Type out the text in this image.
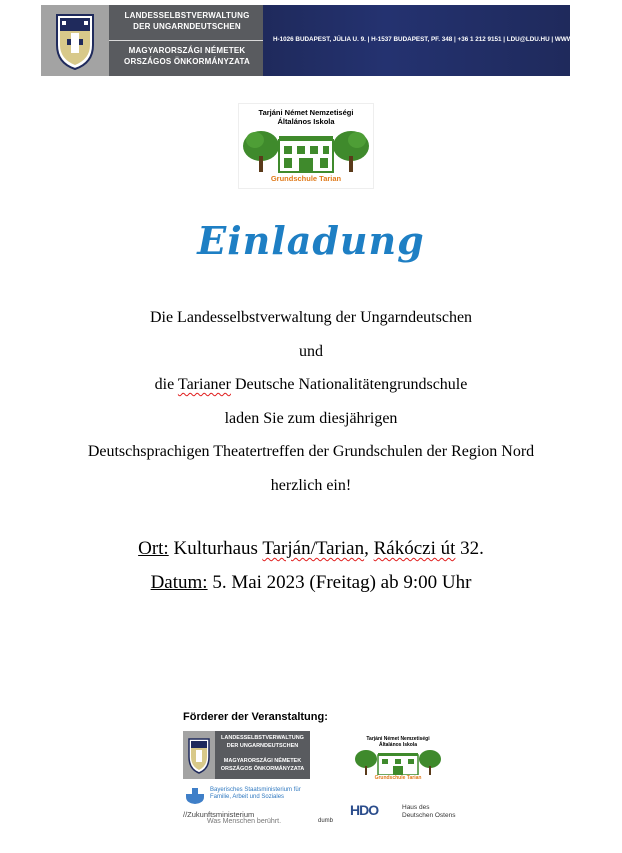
LANDESSELBSTVERWALTUNG
DER UNGARNDEUTSCHEN
MAGYARORSZÁGI NÉMETEK
ORSZÁGOS ÖNKORMÁNYZATA
H-1026 BUDAPEST, JÚLIA U. 9. | H-1537 BUDAPEST, PF. 348 | +36 1 212 9151 | LDU@LDU.HU | WWW.LDU.HU
Tarjáni Német Nemzetiségi
Általános Iskola
Grundschule Tarian
Einladung
Die Landesselbstverwaltung der Ungarndeutschen
und
die Tarianer Deutsche Nationalitätengrundschule
laden Sie zum diesjährigen
Deutschsprachigen Theatertreffen der Grundschulen der Region Nord
herzlich ein!
Ort: Kulturhaus Tarján/Tarian, Rákóczi út 32.
Datum: 5. Mai 2023 (Freitag) ab 9:00 Uhr
Förderer der Veranstaltung:
LANDESSELBSTVERWALTUNG
DER UNGARNDEUTSCHEN
MAGYARORSZÁGI NÉMETEK
ORSZÁGOS ÖNKORMÁNYZATA
Tarjáni Német Nemzetiségi
Általános Iskola
Grundschule Tarian
Bayerisches Staatsministerium für
Familie, Arbeit und Soziales
//Zukunftsministerium
Was Menschen berührt.	dumb
HDO	Haus des
Deutschen Ostens
